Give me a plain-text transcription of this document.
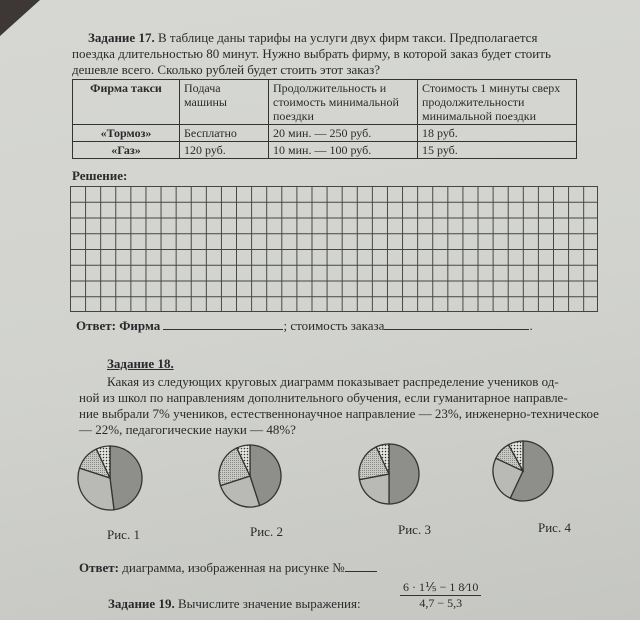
Задание 17. В таблице даны тарифы на услуги двух фирм такси. Предполагается
поездка длительностью 80 минут. Нужно выбрать фирму, в которой заказ будет стоить
дешевле всего. Сколько рублей будет стоить этот заказ?
Фирма такси	Подача машины	Продолжительность и стоимость минимальной поездки	Стоимость 1 минуты сверх продолжительности минимальной поездки
«Тормоз»	Бесплатно	20 мин. — 250 руб.	18 руб.
«Газ»	120 руб.	10 мин. — 100 руб.	15 руб.
Решение:
Ответ: Фирма	; стоимость заказа	.
Задание 18.
Какая из следующих круговых диаграмм показывает распределение учеников од-
ной из школ по направлениям дополнительного обучения, если гуманитарное направле-
ние выбрали 7% учеников, естественнонаучное направление — 23%, инженерно-техническое
— 22%, педагогические науки — 48%?
Рис. 1	Рис. 2	Рис. 3	Рис. 4
Ответ: диаграмма, изображенная на рисунке №
Задание 19. Вычислите значение выражения:	$\frac{\text{6 · 1⅕ − 1 8⁄10}}{4,7 - 5,3}$
